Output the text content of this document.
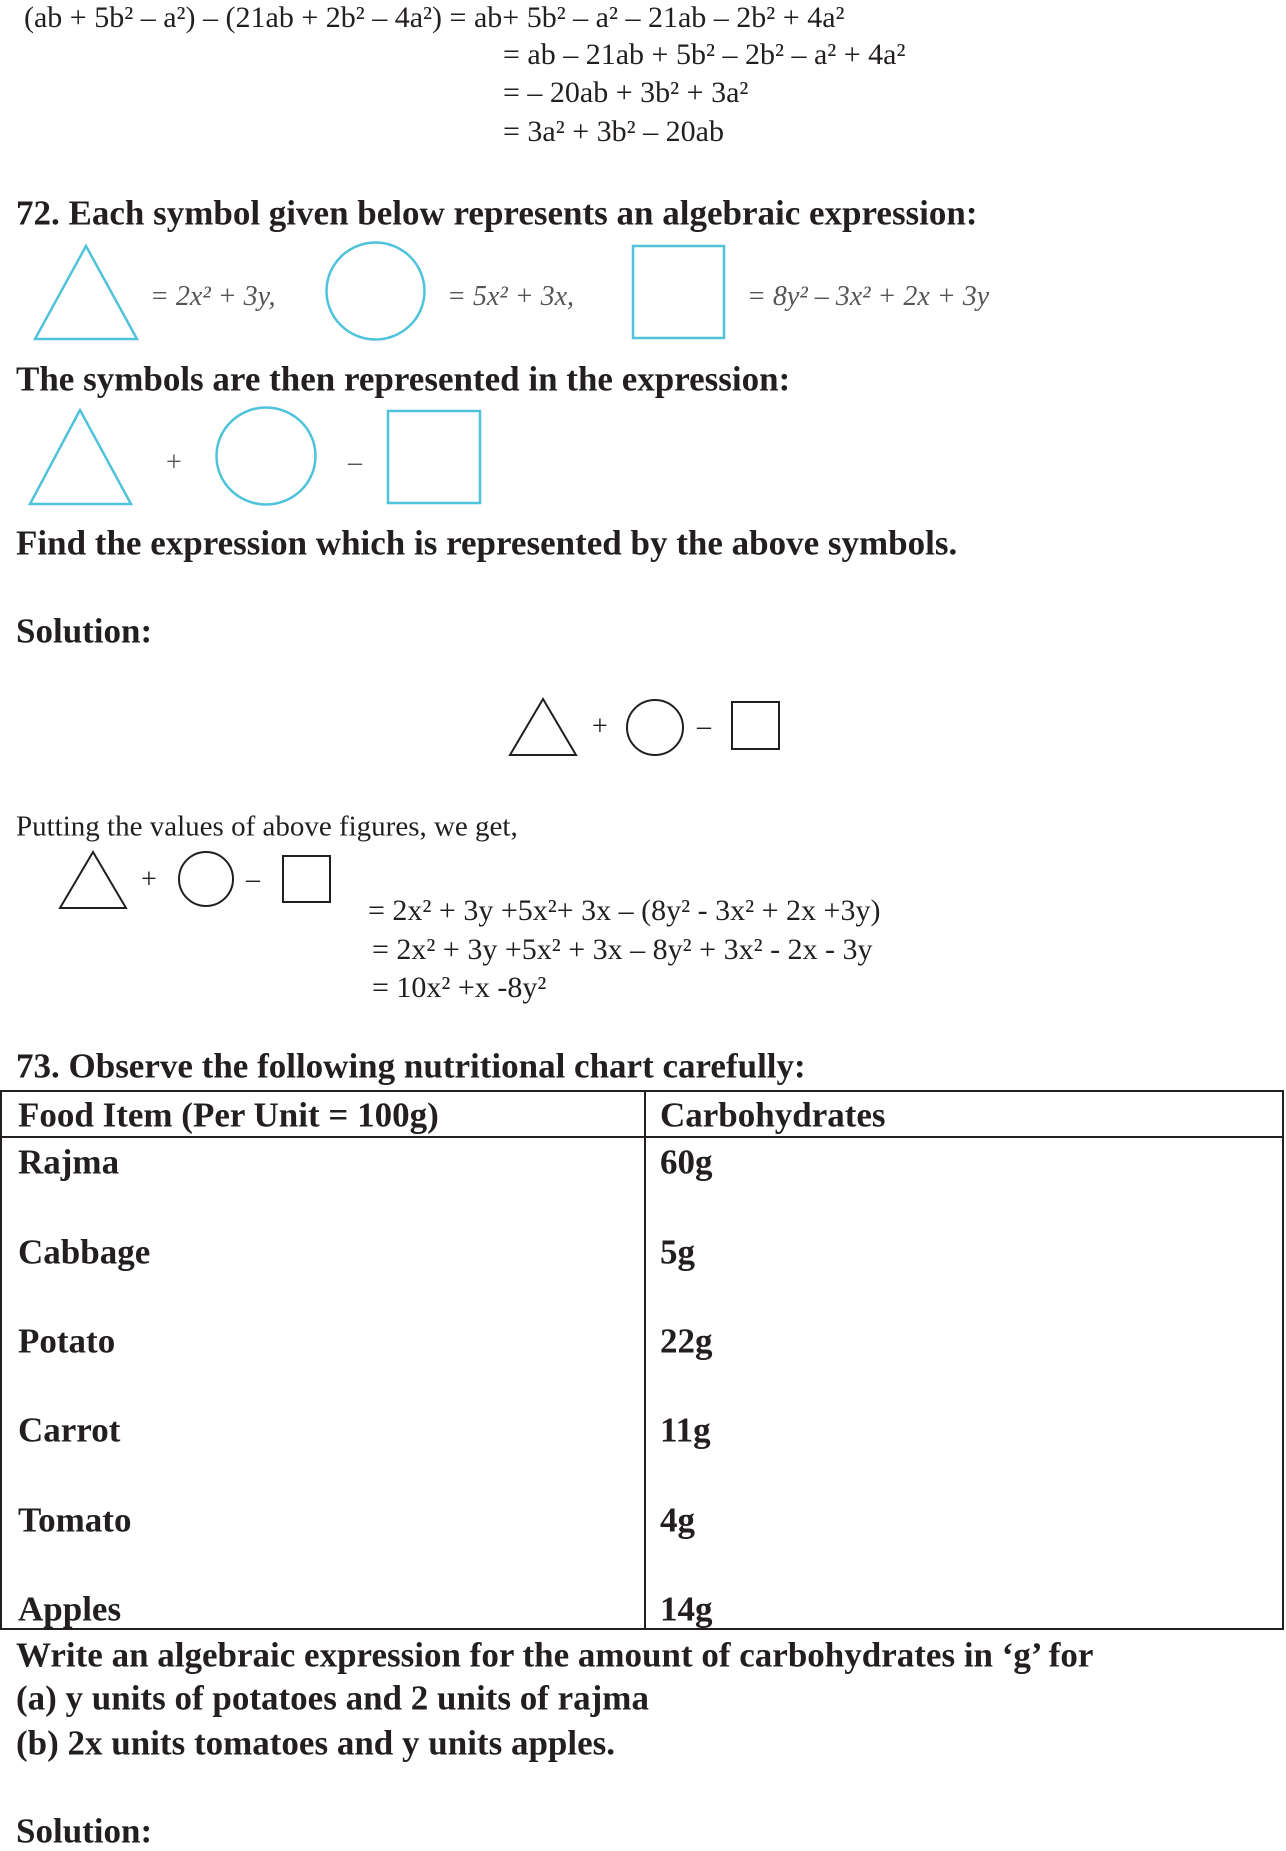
(ab + 5b² – a²) – (21ab + 2b² – 4a²) = ab+ 5b² – a² – 21ab – 2b² + 4a²
= ab – 21ab + 5b² – 2b² – a² + 4a²
= – 20ab + 3b² + 3a²
= 3a² + 3b² – 20ab
72. Each symbol given below represents an algebraic expression:
= 2x² + 3y,	= 5x² + 3x,	= 8y² – 3x² + 2x + 3y
The symbols are then represented in the expression:
+	–
Find the expression which is represented by the above symbols.
Solution:
+	–
Putting the values of above figures, we get,
+	–
= 2x² + 3y +5x²+ 3x – (8y² - 3x² + 2x +3y)
= 2x² + 3y +5x² + 3x – 8y² + 3x² - 2x - 3y
= 10x² +x -8y²
73. Observe the following nutritional chart carefully:
Food Item (Per Unit = 100g)	Carbohydrates
Rajma	60g
Cabbage	5g
Potato	22g
Carrot	11g
Tomato	4g
Apples	14g
Write an algebraic expression for the amount of carbohydrates in ‘g’ for
(a) y units of potatoes and 2 units of rajma
(b) 2x units tomatoes and y units apples.
Solution:
